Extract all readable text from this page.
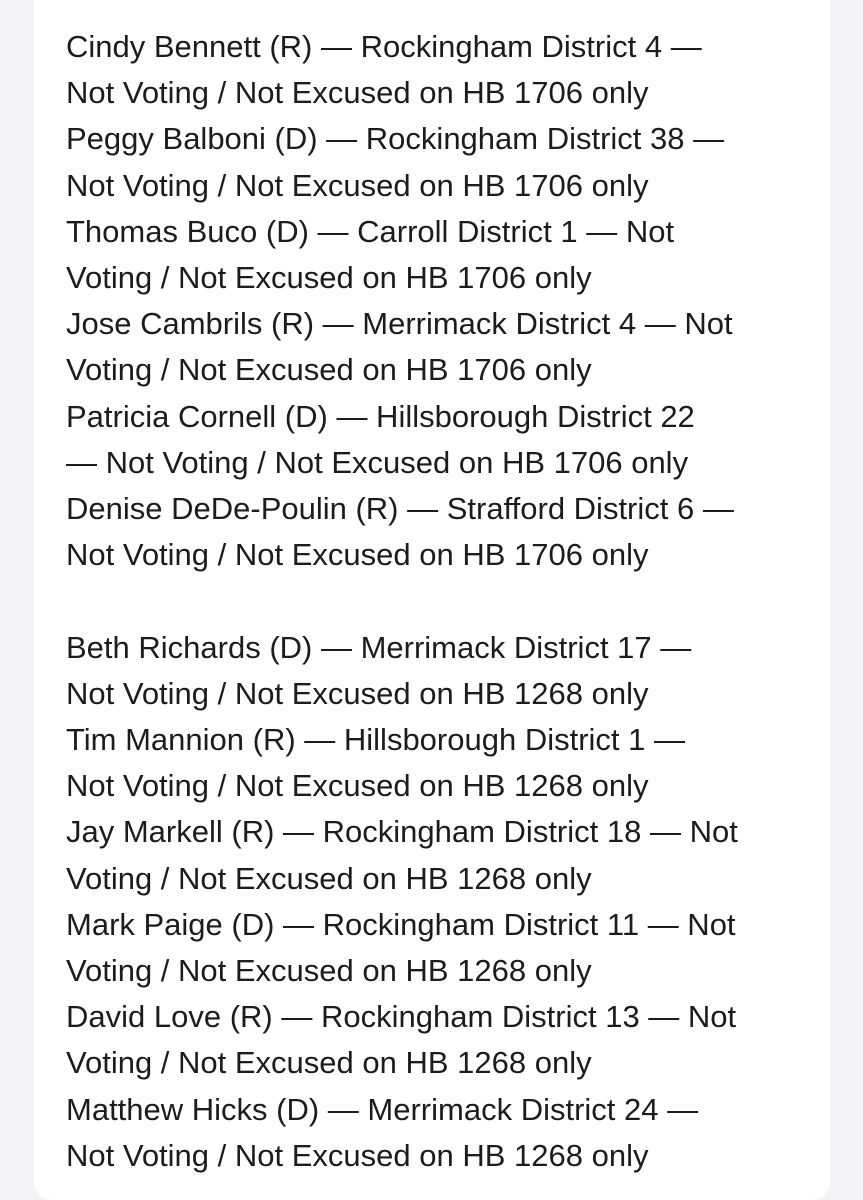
Cindy Bennett (R) — Rockingham District 4 —
Not Voting / Not Excused on HB 1706 only
Peggy Balboni (D) — Rockingham District 38 —
Not Voting / Not Excused on HB 1706 only
Thomas Buco (D) — Carroll District 1 — Not
Voting / Not Excused on HB 1706 only
Jose Cambrils (R) — Merrimack District 4 — Not
Voting / Not Excused on HB 1706 only
Patricia Cornell (D) — Hillsborough District 22
— Not Voting / Not Excused on HB 1706 only
Denise DeDe-Poulin (R) — Strafford District 6 —
Not Voting / Not Excused on HB 1706 only
Beth Richards (D) — Merrimack District 17 —
Not Voting / Not Excused on HB 1268 only
Tim Mannion (R) — Hillsborough District 1 —
Not Voting / Not Excused on HB 1268 only
Jay Markell (R) — Rockingham District 18 — Not
Voting / Not Excused on HB 1268 only
Mark Paige (D) — Rockingham District 11 — Not
Voting / Not Excused on HB 1268 only
David Love (R) — Rockingham District 13 — Not
Voting / Not Excused on HB 1268 only
Matthew Hicks (D) — Merrimack District 24 —
Not Voting / Not Excused on HB 1268 only
